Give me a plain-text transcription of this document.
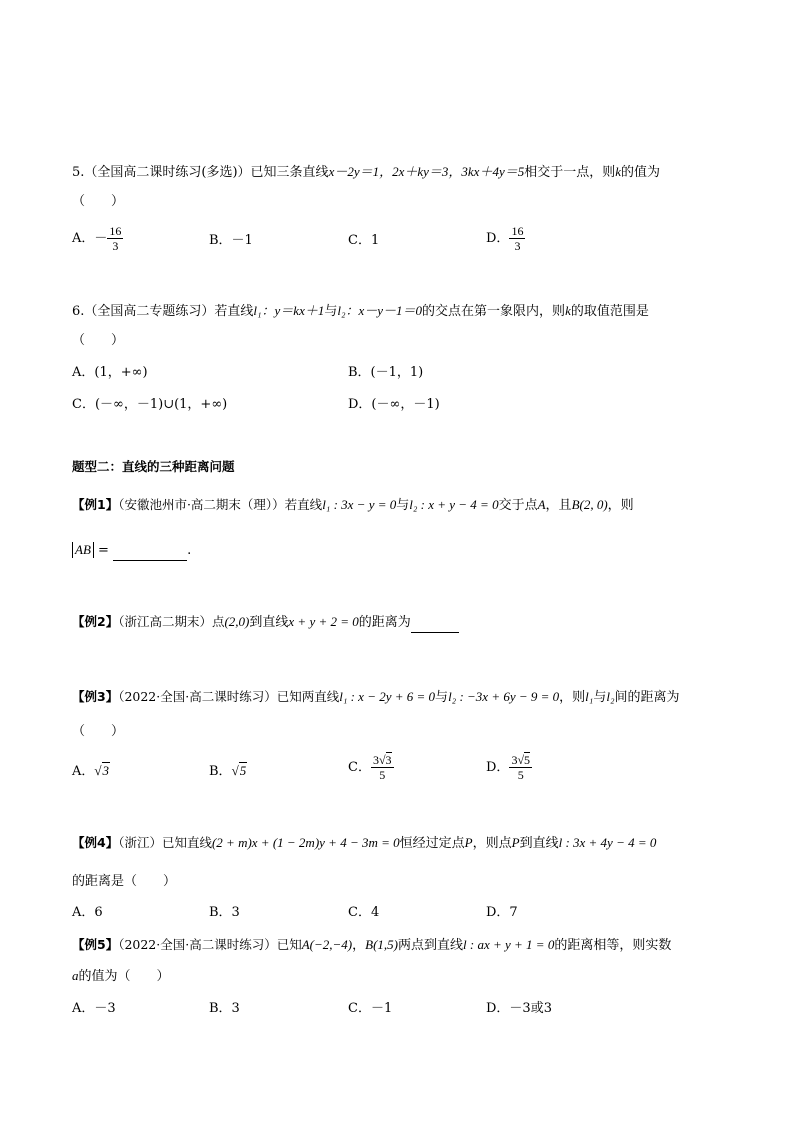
5.（全国高二课时练习(多选)）已知三条直线x－2y＝1，2x＋ky＝3，3kx＋4y＝5相交于一点，则k的值为
（　　）
A．－ $\frac{16}{3}$	B．－1	C．1	D． $\frac{16}{3}$
6.（全国高二专题练习）若直线l₁：y＝kx＋1与l₂：x－y－1＝0的交点在第一象限内，则k的取值范围是
（　　）
A．(1，+∞)	B．(－1，1)
C．(－∞，－1)∪(1，+∞)	D．(－∞，－1)
题型二：直线的三种距离问题
【例1】（安徽池州市·高二期末（理））若直线l₁ : 3x − y = 0与l₂ : x + y − 4 = 0交于点A，且B(2, 0)，则
AB =	.
【例2】（浙江高二期末）点(2,0)到直线x + y + 2 = 0的距离为
【例3】（2022·全国·高二课时练习）已知两直线l₁ : x − 2y + 6 = 0与l₂ : −3x + 6y − 9 = 0，则l₁与l₂间的距离为
（　　）
A．√3	B．√5	C． $\frac{3√3}{5}$	D． $\frac{3√5}{5}$
【例4】（浙江）已知直线(2 + m)x + (1 − 2m)y + 4 − 3m = 0恒经过定点P，则点P到直线l : 3x + 4y − 4 = 0
的距离是（　　）
A．6	B．3	C．4	D．7
【例5】（2022·全国·高二课时练习）已知A(−2,−4)，B(1,5)两点到直线l : ax + y + 1 = 0的距离相等，则实数
a的值为（　　）
A．－3	B．3	C．－1	D．－3或3
